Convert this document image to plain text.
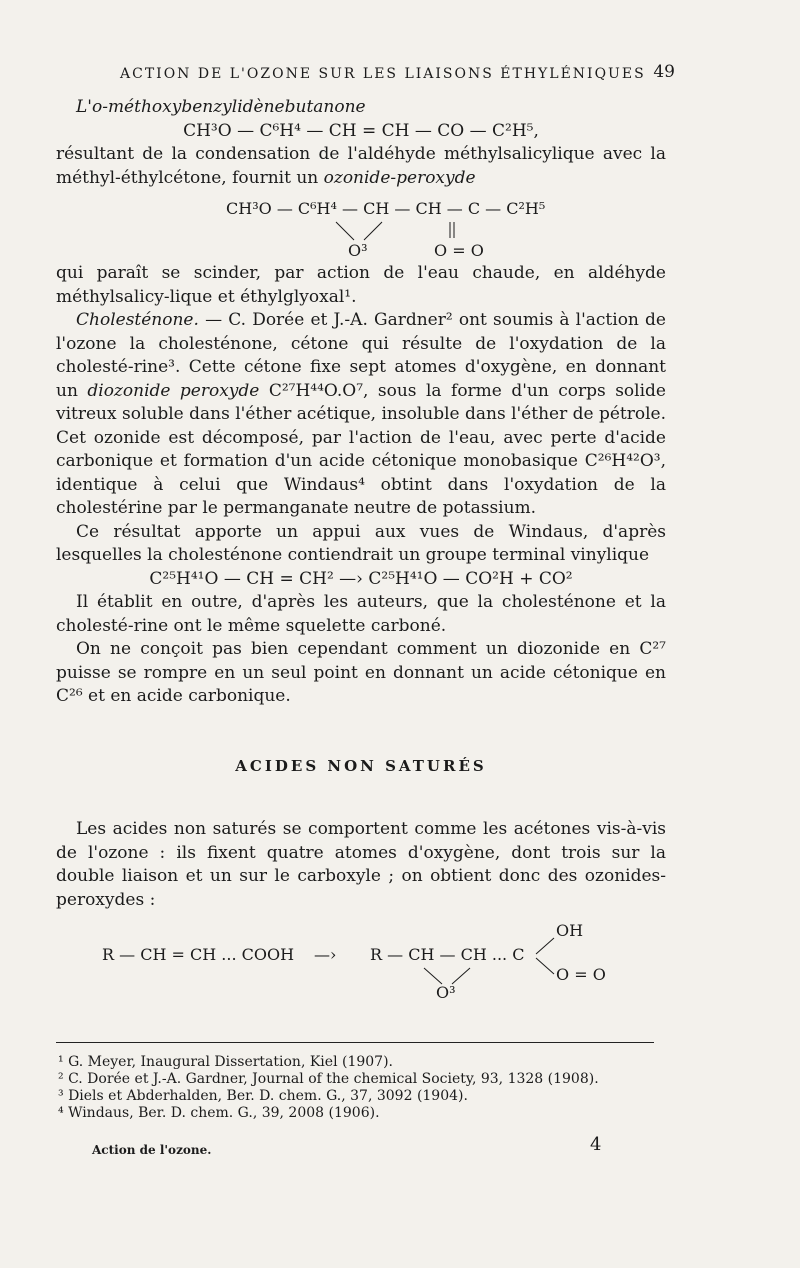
ACTION DE L'OZONE SUR LES LIAISONS ÉTHYLÉNIQUES 49

L'o-méthoxybenzylidènebutanone

CH³O — C⁶H⁴ — CH = CH — CO — C²H⁵,

résultant de la condensation de l'aldéhyde méthylsalicylique avec la méthyl-éthylcétone, fournit un ozonide-peroxyde

CH³O — C⁶H⁴ — CH — CH — C — C²H⁵
O³	O = O

qui paraît se scinder, par action de l'eau chaude, en aldéhyde méthylsalicy-lique et éthylglyoxal¹.

Cholesténone. — C. Dorée et J.-A. Gardner² ont soumis à l'action de l'ozone la cholesténone, cétone qui résulte de l'oxydation de la cholesté-rine³. Cette cétone fixe sept atomes d'oxygène, en donnant un diozonide peroxyde C²⁷H⁴⁴O.O⁷, sous la forme d'un corps solide vitreux soluble dans l'éther acétique, insoluble dans l'éther de pétrole. Cet ozonide est décomposé, par l'action de l'eau, avec perte d'acide carbonique et formation d'un acide cétonique monobasique C²⁶H⁴²O³, identique à celui que Windaus⁴ obtint dans l'oxydation de la cholestérine par le permanganate neutre de potassium.

Ce résultat apporte un appui aux vues de Windaus, d'après lesquelles la cholesténone contiendrait un groupe terminal vinylique

C²⁵H⁴¹O — CH = CH² —› C²⁵H⁴¹O — CO²H + CO²

Il établit en outre, d'après les auteurs, que la cholesténone et la cholesté-rine ont le même squelette carboné.

On ne conçoit pas bien cependant comment un diozonide en C²⁷ puisse se rompre en un seul point en donnant un acide cétonique en C²⁶ et en acide carbonique.

ACIDES NON SATURÉS

Les acides non saturés se comportent comme les acétones vis-à-vis de l'ozone : ils fixent quatre atomes d'oxygène, dont trois sur la double liaison et un sur le carboxyle ; on obtient donc des ozonides-peroxydes :

OH
R — CH = CH ... COOH —› R — CH — CH ... C
O = O
O³
¹ G. Meyer, Inaugural Dissertation, Kiel (1907).
² C. Dorée et J.-A. Gardner, Journal of the chemical Society, 93, 1328 (1908).
³ Diels et Abderhalden, Ber. D. chem. G., 37, 3092 (1904).
⁴ Windaus, Ber. D. chem. G., 39, 2008 (1906).
Action de l'ozone.	4
